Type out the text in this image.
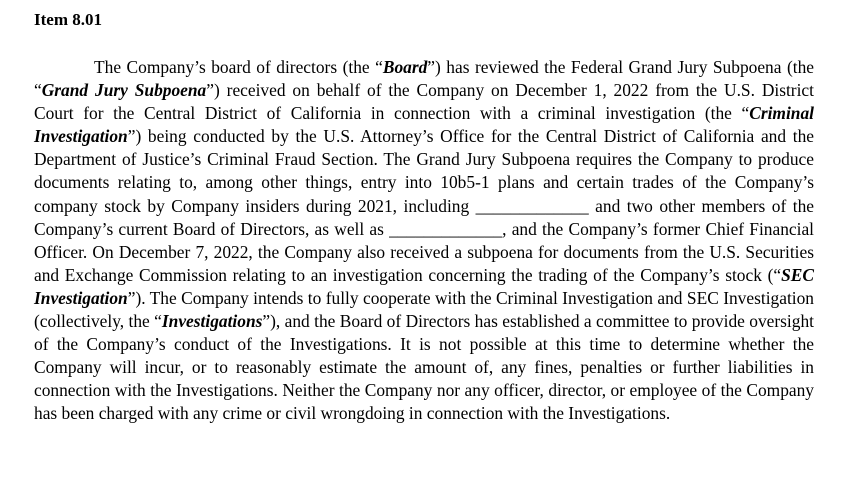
Item 8.01

The Company’s board of directors (the “Board”) has reviewed the Federal Grand Jury Subpoena (the “Grand Jury Subpoena”) received on behalf of the Company on December 1, 2022 from the U.S. District Court for the Central District of California in connection with a criminal investigation (the “Criminal Investigation”) being conducted by the U.S. Attorney’s Office for the Central District of California and the Department of Justice’s Criminal Fraud Section. The Grand Jury Subpoena requires the Company to produce documents relating to, among other things, entry into 10b5-1 plans and certain trades of the Company’s company stock by Company insiders during 2021, including _____________ and two other members of the Company’s current Board of Directors, as well as _____________, and the Company’s former Chief Financial Officer. On December 7, 2022, the Company also received a subpoena for documents from the U.S. Securities and Exchange Commission relating to an investigation concerning the trading of the Company’s stock (“SEC Investigation”). The Company intends to fully cooperate with the Criminal Investigation and SEC Investigation (collectively, the “Investigations”), and the Board of Directors has established a committee to provide oversight of the Company’s conduct of the Investigations. It is not possible at this time to determine whether the Company will incur, or to reasonably estimate the amount of, any fines, penalties or further liabilities in connection with the Investigations. Neither the Company nor any officer, director, or employee of the Company has been charged with any crime or civil wrongdoing in connection with the Investigations.
